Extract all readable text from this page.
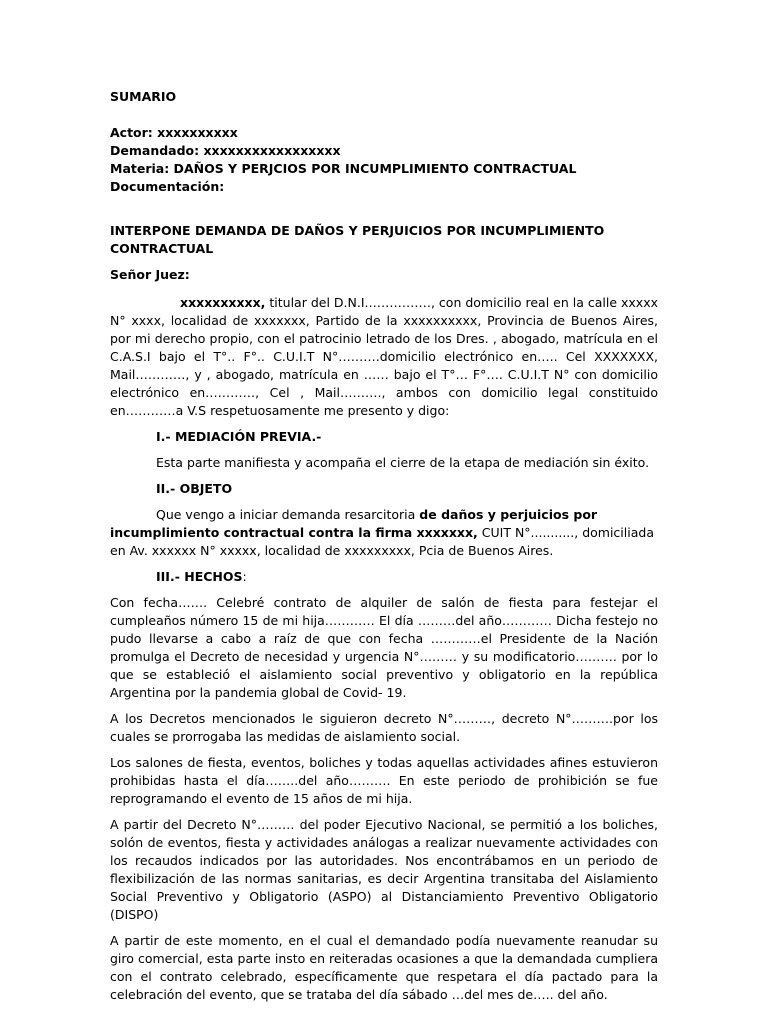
SUMARIO

Actor: xxxxxxxxxx

Demandado: xxxxxxxxxxxxxxxxx

Materia: DAÑOS Y PERJCIOS POR INCUMPLIMIENTO CONTRACTUAL

Documentación:

INTERPONE DEMANDA DE DAÑOS Y PERJUICIOS POR INCUMPLIMIENTO CONTRACTUAL

Señor Juez:

xxxxxxxxxx, titular del D.N.I.……………, con domicilio real en la calle xxxxx N° xxxx, localidad de xxxxxxx, Partido de la xxxxxxxxxx, Provincia de Buenos Aires, por mi derecho propio, con el patrocinio letrado de los Dres. , abogado, matrícula en el C.A.S.I bajo el T°.. F°.. C.U.I.T N°……….domicilio electrónico en….. Cel XXXXXXX, Mail…………, y , abogado, matrícula en …… bajo el T°… F°…. C.U.I.T N° con domicilio electrónico en…………, Cel , Mail………., ambos con domicilio legal constituido en…………a V.S respetuosamente me presento y digo:

I.- MEDIACIÓN PREVIA.-

Esta parte manifiesta y acompaña el cierre de la etapa de mediación sin éxito.

II.- OBJETO

Que vengo a iniciar demanda resarcitoria de daños y perjuicios por incumplimiento contractual contra la firma xxxxxxx, CUIT N°..........., domiciliada en Av. xxxxxx N° xxxxx, localidad de xxxxxxxxx, Pcia de Buenos Aires.

III.- HECHOS:

Con fecha……. Celebré contrato de alquiler de salón de fiesta para festejar el cumpleaños número 15 de mi hija………… El día ………del año………… Dicha festejo no pudo llevarse a cabo a raíz de que con fecha …………el Presidente de la Nación promulga el Decreto de necesidad y urgencia N°……… y su modificatorio………. por lo que se estableció el aislamiento social preventivo y obligatorio en la república Argentina por la pandemia global de Covid- 19.

A los Decretos mencionados le siguieron decreto N°………, decreto N°……….por los cuales se prorrogaba las medidas de aislamiento social.

Los salones de fiesta, eventos, boliches y todas aquellas actividades afines estuvieron prohibidas hasta el día……..del año………. En este periodo de prohibición se fue reprogramando el evento de 15 años de mi hija.

A partir del Decreto N°……… del poder Ejecutivo Nacional, se permitió a los boliches, solón de eventos, fiesta y actividades análogas a realizar nuevamente actividades con los recaudos indicados por las autoridades. Nos encontrábamos en un periodo de flexibilización de las normas sanitarias, es decir Argentina transitaba del Aislamiento Social Preventivo y Obligatorio (ASPO) al Distanciamiento Preventivo Obligatorio (DISPO)

A partir de este momento, en el cual el demandado podía nuevamente reanudar su giro comercial, esta parte insto en reiteradas ocasiones a que la demandada cumpliera con el contrato celebrado, específicamente que respetara el día pactado para la celebración del evento, que se trataba del día sábado …del mes de….. del año.
